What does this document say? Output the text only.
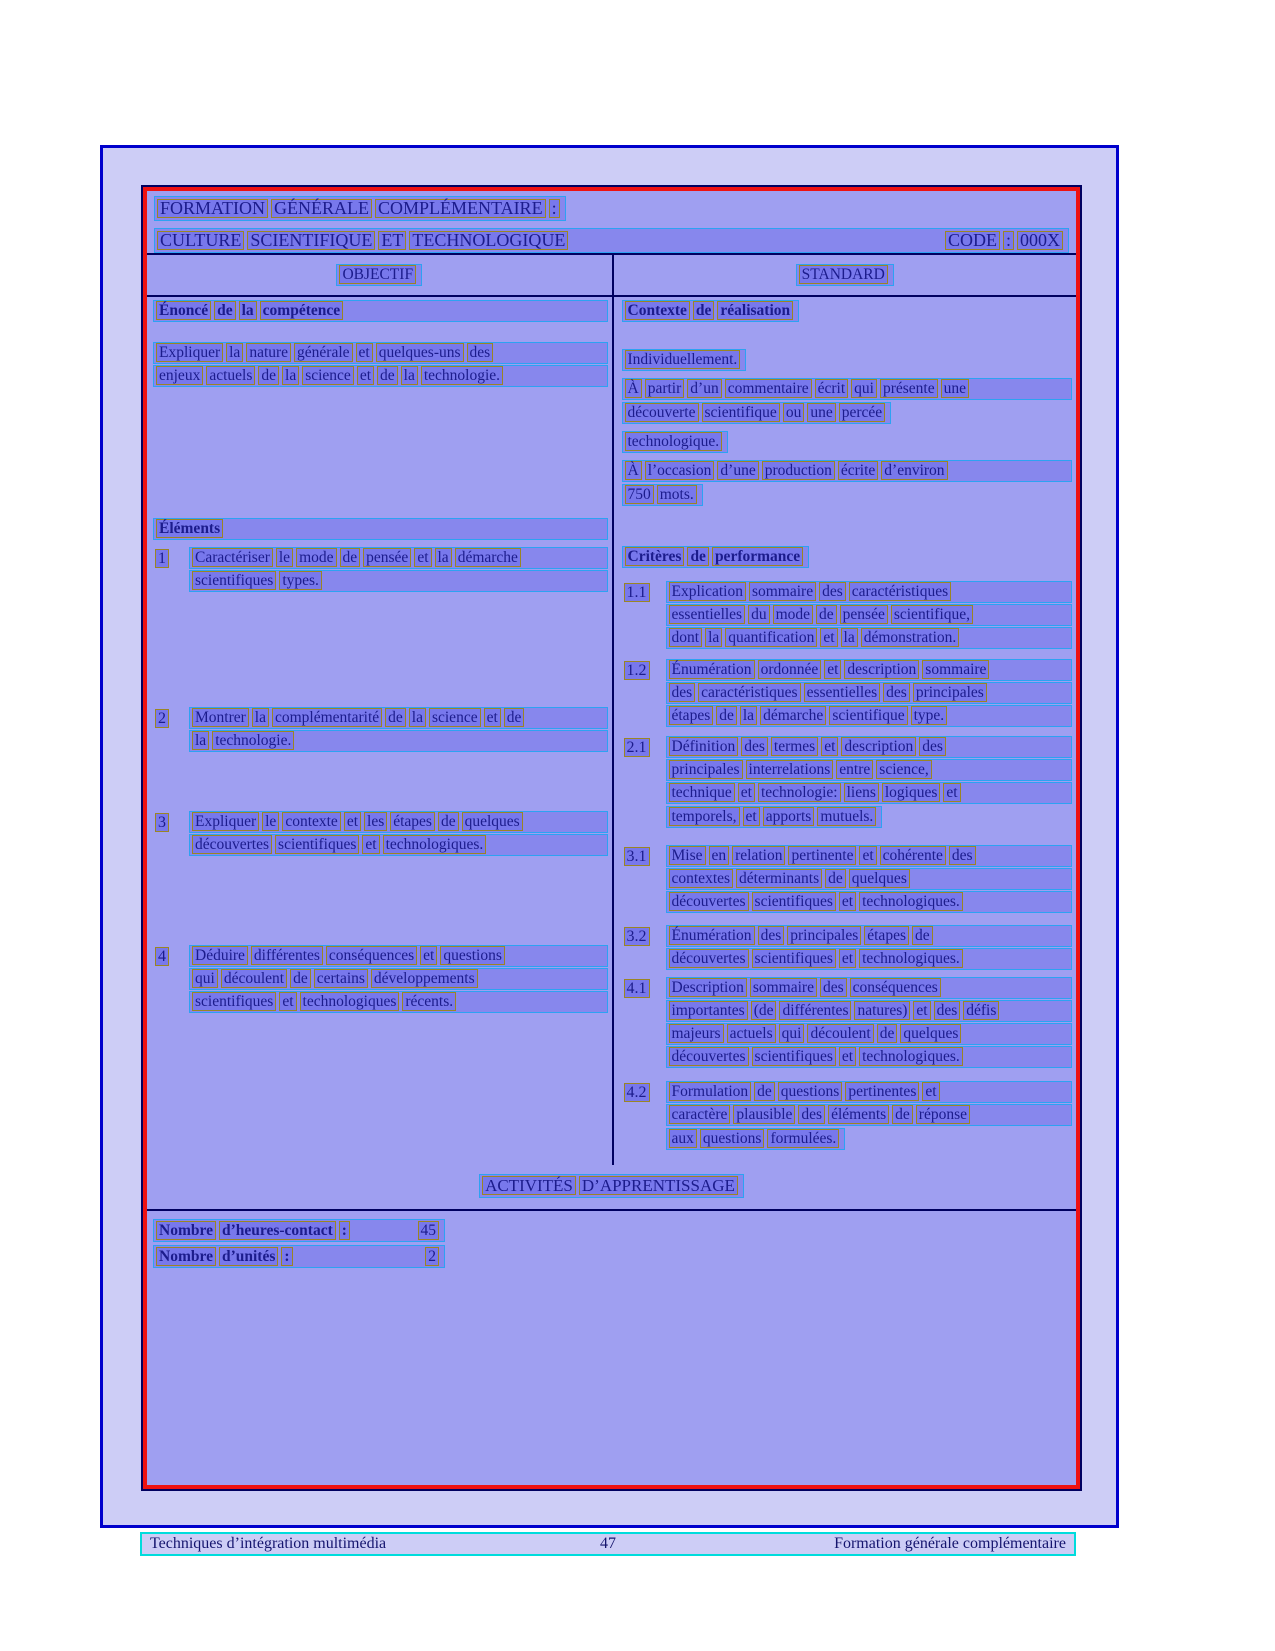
FORMATION GÉNÉRALE COMPLÉMENTAIRE :
CULTURE SCIENTIFIQUE ET TECHNOLOGIQUE	CODE : 000X
OBJECTIF	STANDARD
Énoncé de la compétence
Expliquer la nature générale et quelques-uns des
enjeux actuels de la science et de la technologie.
Éléments
1	Caractériser le mode de pensée et la démarche
scientifiques types.
2	Montrer la complémentarité de la science et de
la technologie.
3	Expliquer le contexte et les étapes de quelques
découvertes scientifiques et technologiques.
4	Déduire différentes conséquences et questions
qui découlent de certains développements
scientifiques et technologiques récents.
Contexte de réalisation
Individuellement.

À partir d’un commentaire écrit qui présente une
découverte scientifique ou une percée
technologique.

À l’occasion d’une production écrite d’environ
750 mots.
Critères de performance
1.1	Explication sommaire des caractéristiques
essentielles du mode de pensée scientifique,
dont la quantification et la démonstration.
1.2	Énumération ordonnée et description sommaire
des caractéristiques essentielles des principales
étapes de la démarche scientifique type.
2.1	Définition des termes et description des
principales interrelations entre science,
technique et technologie: liens logiques et
temporels, et apports mutuels.
3.1	Mise en relation pertinente et cohérente des
contextes déterminants de quelques
découvertes scientifiques et technologiques.
3.2	Énumération des principales étapes de
découvertes scientifiques et technologiques.
4.1	Description sommaire des conséquences
importantes (de différentes natures) et des défis
majeurs actuels qui découlent de quelques
découvertes scientifiques et technologiques.
4.2	Formulation de questions pertinentes et
caractère plausible des éléments de réponse
aux questions formulées.
ACTIVITÉS D’APPRENTISSAGE
Nombre d’heures-contact :	45
Nombre d’unités :	2
Techniques d’intégration multimédia	47	Formation générale complémentaire
